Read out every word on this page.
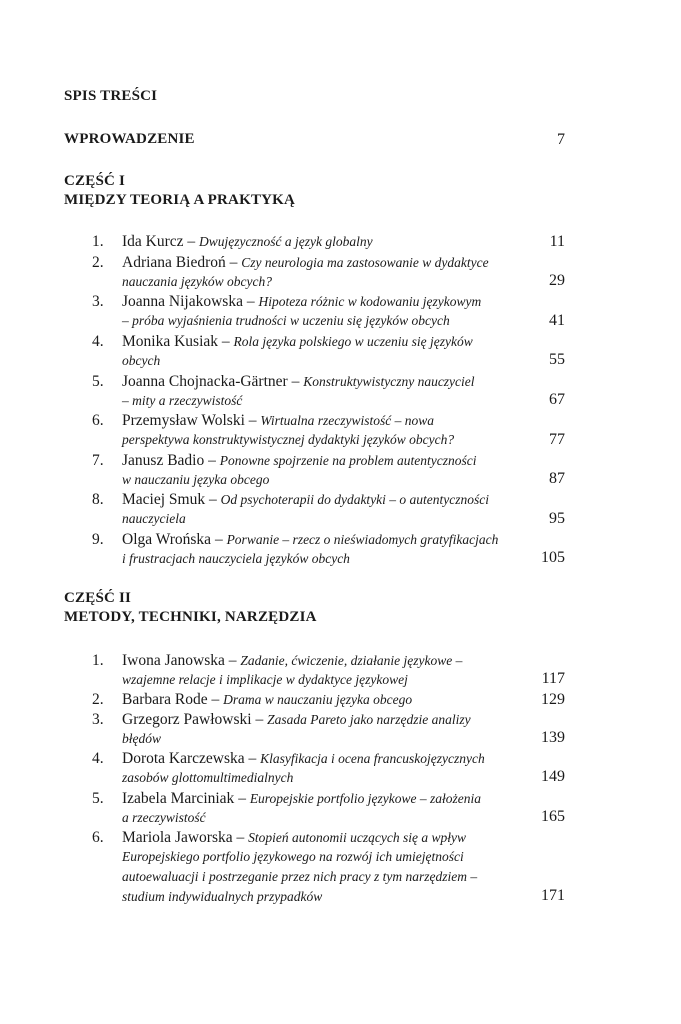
SPIS TREŚCI
WPROWADZENIE	7
CZĘŚĆ I
MIĘDZY TEORIĄ A PRAKTYKĄ
1. Ida Kurcz – Dwujęzyczność a język globalny	11
2. Adriana Biedroń – Czy neurologia ma zastosowanie w dydaktyce
nauczania języków obcych?	29
3. Joanna Nijakowska – Hipoteza różnic w kodowaniu językowym
– próba wyjaśnienia trudności w uczeniu się języków obcych	41
4. Monika Kusiak – Rola języka polskiego w uczeniu się języków
obcych	55
5. Joanna Chojnacka-Gärtner – Konstruktywistyczny nauczyciel
– mity a rzeczywistość	67
6. Przemysław Wolski – Wirtualna rzeczywistość – nowa
perspektywa konstruktywistycznej dydaktyki języków obcych?	77
7. Janusz Badio – Ponowne spojrzenie na problem autentyczności
w nauczaniu języka obcego	87
8. Maciej Smuk – Od psychoterapii do dydaktyki – o autentyczności
nauczyciela	95
9. Olga Wrońska – Porwanie – rzecz o nieświadomych gratyfikacjach
i frustracjach nauczyciela języków obcych	105
CZĘŚĆ II
METODY, TECHNIKI, NARZĘDZIA
1. Iwona Janowska – Zadanie, ćwiczenie, działanie językowe –
wzajemne relacje i implikacje w dydaktyce językowej	117
2. Barbara Rode – Drama w nauczaniu języka obcego	129
3. Grzegorz Pawłowski – Zasada Pareto jako narzędzie analizy
błędów	139
4. Dorota Karczewska – Klasyfikacja i ocena francuskojęzycznych
zasobów glottomultimedialnych	149
5. Izabela Marciniak – Europejskie portfolio językowe – założenia
a rzeczywistość	165
6. Mariola Jaworska – Stopień autonomii uczących się a wpływ
Europejskiego portfolio językowego na rozwój ich umiejętności
autoewaluacji i postrzeganie przez nich pracy z tym narzędziem –
studium indywidualnych przypadków	171
